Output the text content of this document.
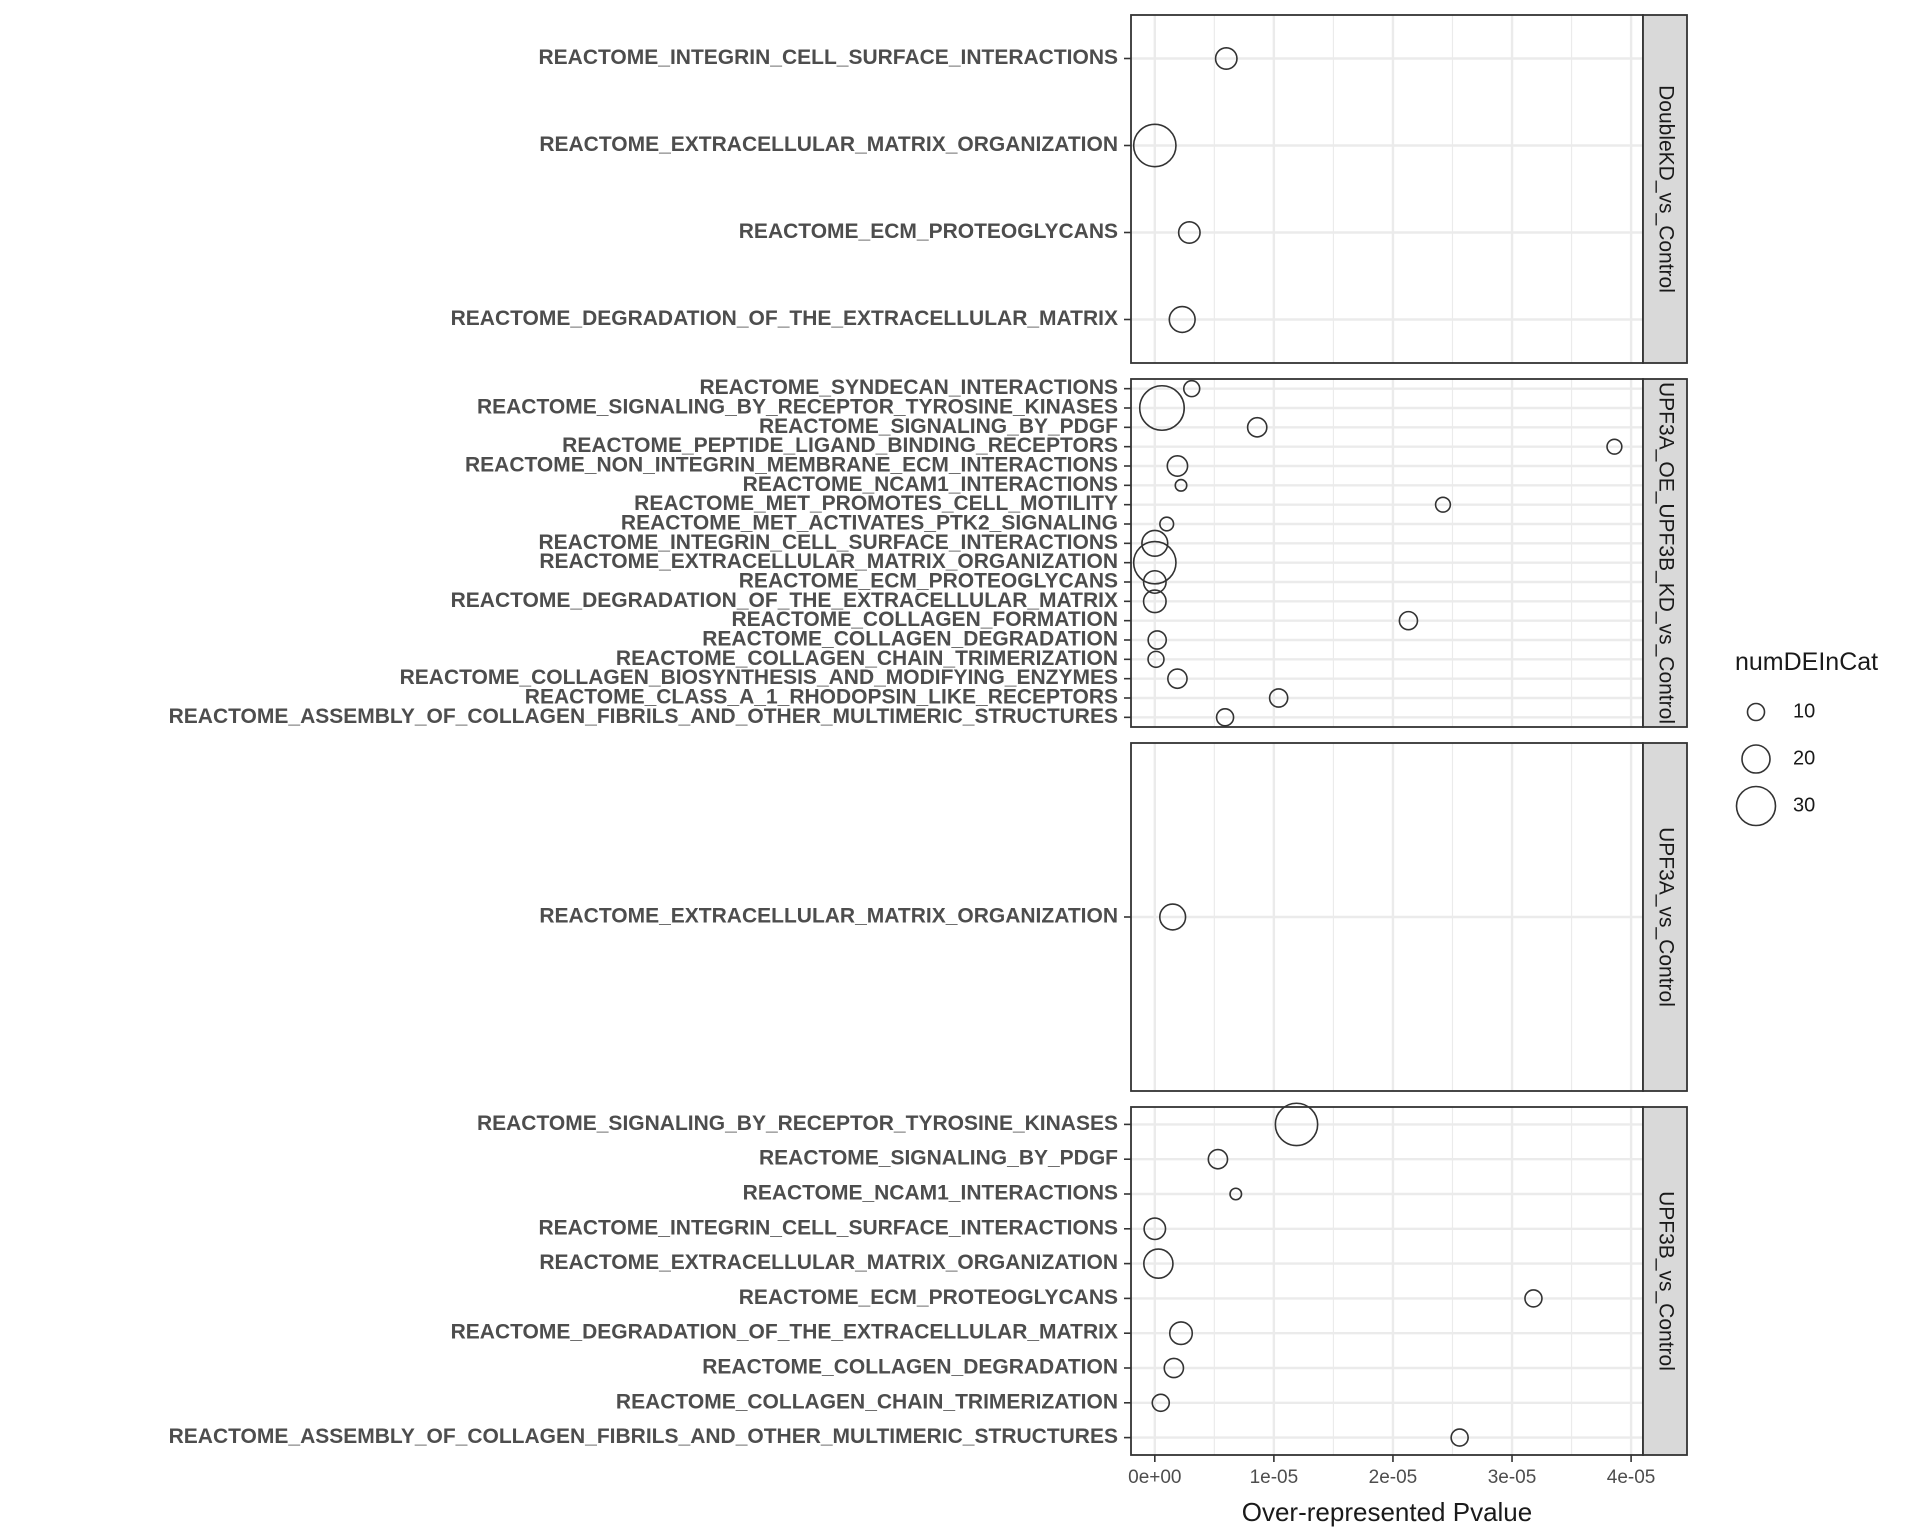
REACTOME_INTEGRIN_CELL_SURFACE_INTERACTIONS
REACTOME_EXTRACELLULAR_MATRIX_ORGANIZATION
REACTOME_ECM_PROTEOGLYCANS
REACTOME_DEGRADATION_OF_THE_EXTRACELLULAR_MATRIX
DoubleKD_vs_Control
REACTOME_SYNDECAN_INTERACTIONS
REACTOME_SIGNALING_BY_RECEPTOR_TYROSINE_KINASES
REACTOME_SIGNALING_BY_PDGF
REACTOME_PEPTIDE_LIGAND_BINDING_RECEPTORS
REACTOME_NON_INTEGRIN_MEMBRANE_ECM_INTERACTIONS
REACTOME_NCAM1_INTERACTIONS
REACTOME_MET_PROMOTES_CELL_MOTILITY
REACTOME_MET_ACTIVATES_PTK2_SIGNALING
REACTOME_INTEGRIN_CELL_SURFACE_INTERACTIONS
REACTOME_EXTRACELLULAR_MATRIX_ORGANIZATION
REACTOME_ECM_PROTEOGLYCANS
REACTOME_DEGRADATION_OF_THE_EXTRACELLULAR_MATRIX
REACTOME_COLLAGEN_FORMATION
REACTOME_COLLAGEN_DEGRADATION
REACTOME_COLLAGEN_CHAIN_TRIMERIZATION
REACTOME_COLLAGEN_BIOSYNTHESIS_AND_MODIFYING_ENZYMES
REACTOME_CLASS_A_1_RHODOPSIN_LIKE_RECEPTORS
REACTOME_ASSEMBLY_OF_COLLAGEN_FIBRILS_AND_OTHER_MULTIMERIC_STRUCTURES	UPF3A_OE_UPF3B_KD_vs_Control
REACTOME_EXTRACELLULAR_MATRIX_ORGANIZATION	UPF3A_vs_Control
REACTOME_SIGNALING_BY_RECEPTOR_TYROSINE_KINASES
REACTOME_SIGNALING_BY_PDGF
REACTOME_NCAM1_INTERACTIONS
REACTOME_INTEGRIN_CELL_SURFACE_INTERACTIONS
REACTOME_EXTRACELLULAR_MATRIX_ORGANIZATION
REACTOME_ECM_PROTEOGLYCANS
REACTOME_DEGRADATION_OF_THE_EXTRACELLULAR_MATRIX
REACTOME_COLLAGEN_DEGRADATION
REACTOME_COLLAGEN_CHAIN_TRIMERIZATION
REACTOME_ASSEMBLY_OF_COLLAGEN_FIBRILS_AND_OTHER_MULTIMERIC_STRUCTURES
UPF3B_vs_Control
0e+00	1e-05	2e-05	3e-05	4e-05
Over-represented Pvalue
numDEInCat
10
20
30
